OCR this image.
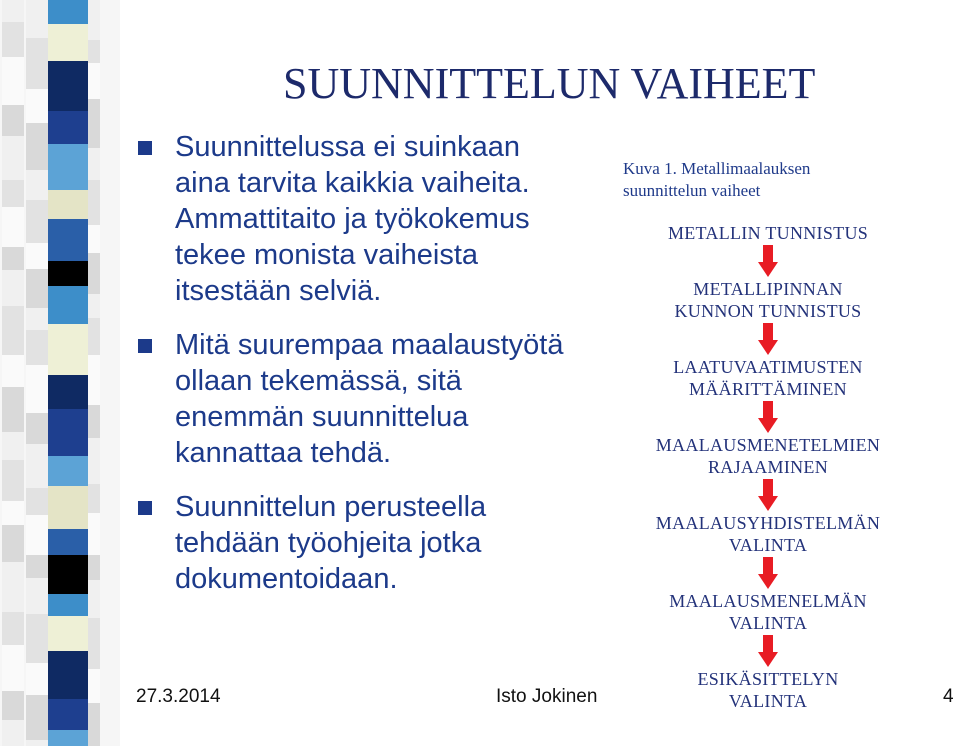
SUUNNITTELUN VAIHEET
Suunnittelussa ei suinkaan aina tarvita kaikkia vaiheita. Ammattitaito ja työkokemus tekee monista vaiheista itsestään selviä.
Mitä suurempaa maalaustyötä ollaan tekemässä, sitä enemmän suunnittelua kannattaa tehdä.
Suunnittelun perusteella tehdään työohjeita jotka dokumentoidaan.
Kuva 1. Metallimaalauksen
suunnittelun vaiheet
METALLIN TUNNISTUS
METALLIPINNAN
KUNNON TUNNISTUS
LAATUVAATIMUSTEN
MÄÄRITTÄMINEN
MAALAUSMENETELMIEN
RAJAAMINEN
MAALAUSYHDISTELMÄN
VALINTA
MAALAUSMENELMÄN
VALINTA
ESIKÄSITTELYN
VALINTA
27.3.2014	Isto Jokinen	4
